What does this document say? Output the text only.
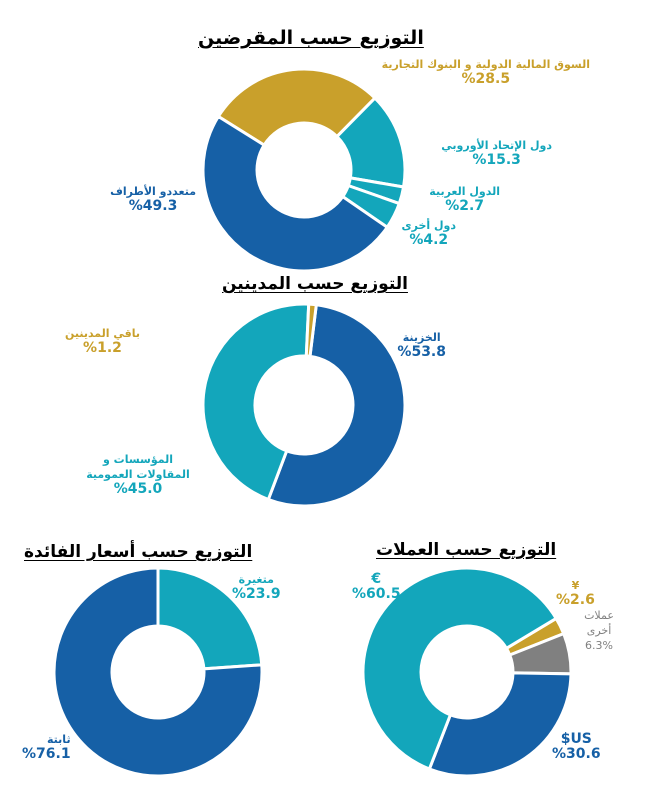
التوزيع حسب المقرضين
التوزيع حسب المدينين
التوزيع حسب أسعار الفائدة	التوزيع حسب العملات
السوق المالية الدولية و البنوك التجارية
%28.5
دول الإتحاد الأوروبي
%15.3
الدول العربية
%2.7
دول أخرى
%4.2
متعددو الأطراف
%49.3
الخزينة
%53.8
المؤسسات و المقاولات العمومية
%45.0
باقي المدينين
%1.2
متغيرة
%23.9
ثابتة
%76.1
¥
%2.6
عملات أخرى
6.3%
US$
%30.6
€
%60.5
